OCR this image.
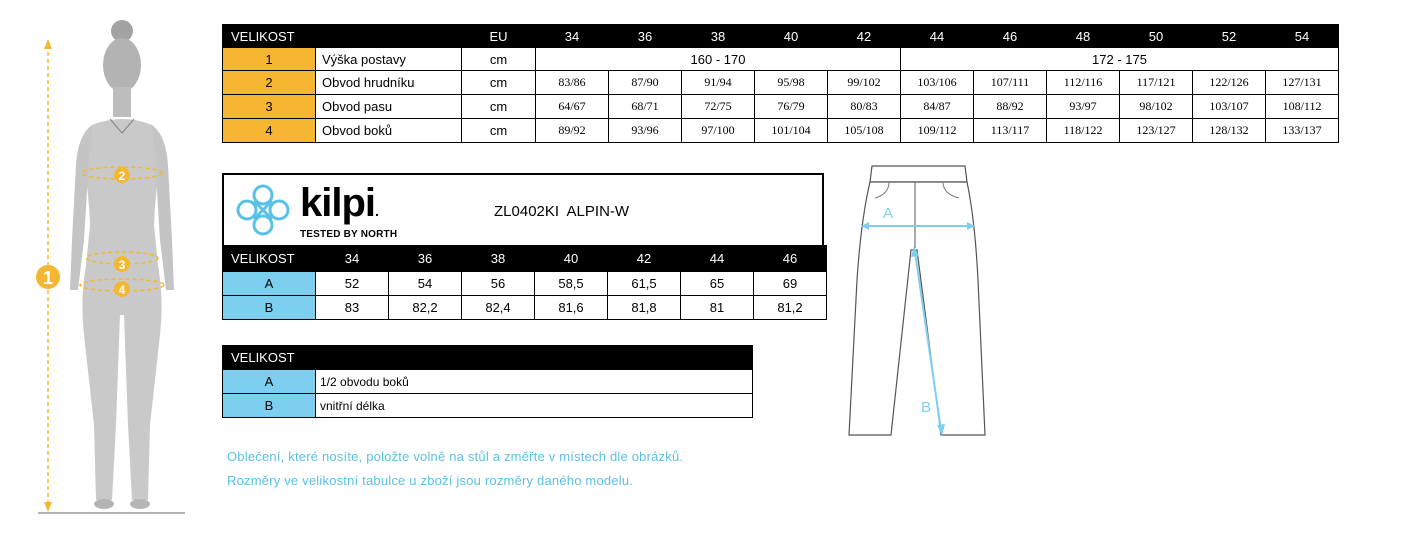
1
2
3
4
VELIKOST		EU	34	36	38	40	42	44	46	48	50	52	54
1	Výška postavy	cm	160 - 170					172 - 175					
2	Obvod hrudníku	cm	83/86	87/90	91/94	95/98	99/102	103/106	107/111	112/116	117/121	122/126	127/131
3	Obvod pasu	cm	64/67	68/71	72/75	76/79	80/83	84/87	88/92	93/97	98/102	103/107	108/112
4	Obvod boků	cm	89/92	93/96	97/100	101/104	105/108	109/112	113/117	118/122	123/127	128/132	133/137
kilpi.
TESTED BY NORTH
ZL0402KI  ALPIN-W
VELIKOST	34	36	38	40	42	44	46
A	52	54	56	58,5	61,5	65	69
B	83	82,2	82,4	81,6	81,8	81	81,2
VELIKOST	
A	1/2 obvodu boků
B	vnitřní délka
Oblečení, které nosíte, položte volně na stůl a změřte v místech dle obrázků.
Rozměry ve velikostní tabulce u zboží jsou rozměry daného modelu.
A
B
